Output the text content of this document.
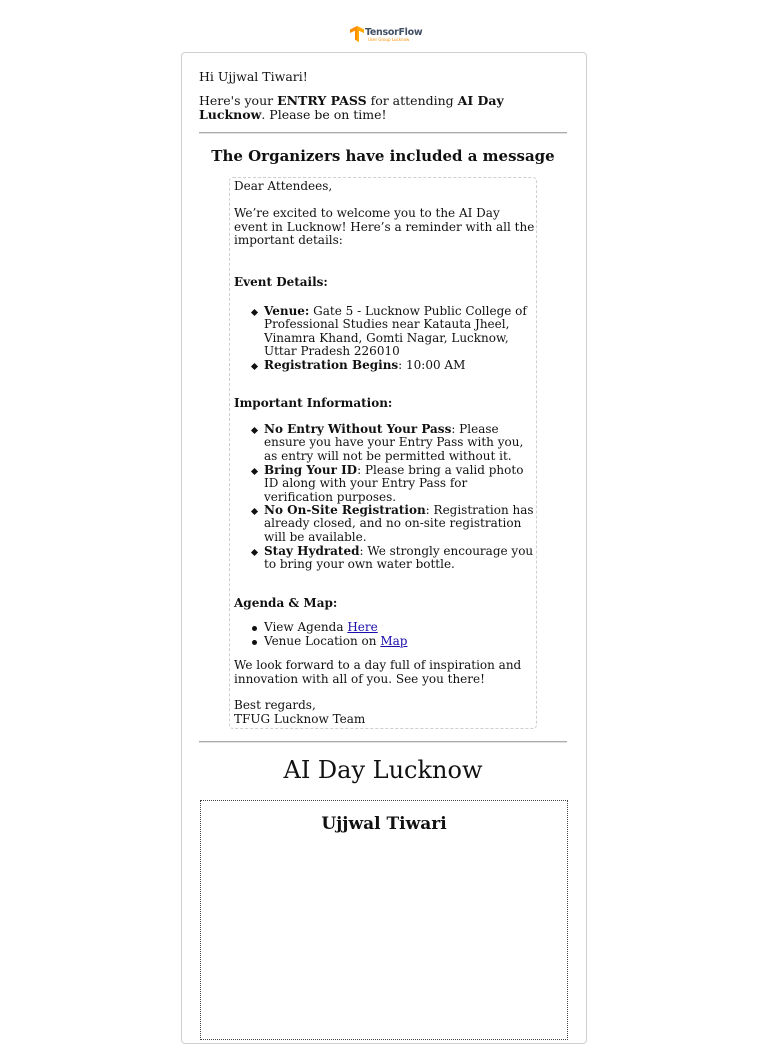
TensorFlow
User Group Lucknow
Hi Ujjwal Tiwari!
Here's your ENTRY PASS for attending AI Day Lucknow. Please be on time!
The Organizers have included a message
Dear Attendees,
We’re excited to welcome you to the AI Day
event in Lucknow! Here’s a reminder with all the
important details:
Event Details:
Venue: Gate 5 - Lucknow Public College of Professional Studies near Katauta Jheel, Vinamra Khand, Gomti Nagar, Lucknow, Uttar Pradesh 226010
Registration Begins: 10:00 AM
Important Information:
No Entry Without Your Pass: Please ensure you have your Entry Pass with you, as entry will not be permitted without it.
Bring Your ID: Please bring a valid photo ID along with your Entry Pass for verification purposes.
No On-Site Registration: Registration has already closed, and no on-site registration will be available.
Stay Hydrated: We strongly encourage you to bring your own water bottle.
Agenda & Map:
View Agenda Here
Venue Location on Map
We look forward to a day full of inspiration and
innovation with all of you. See you there!
Best regards,
TFUG Lucknow Team
AI Day Lucknow
Ujjwal Tiwari
